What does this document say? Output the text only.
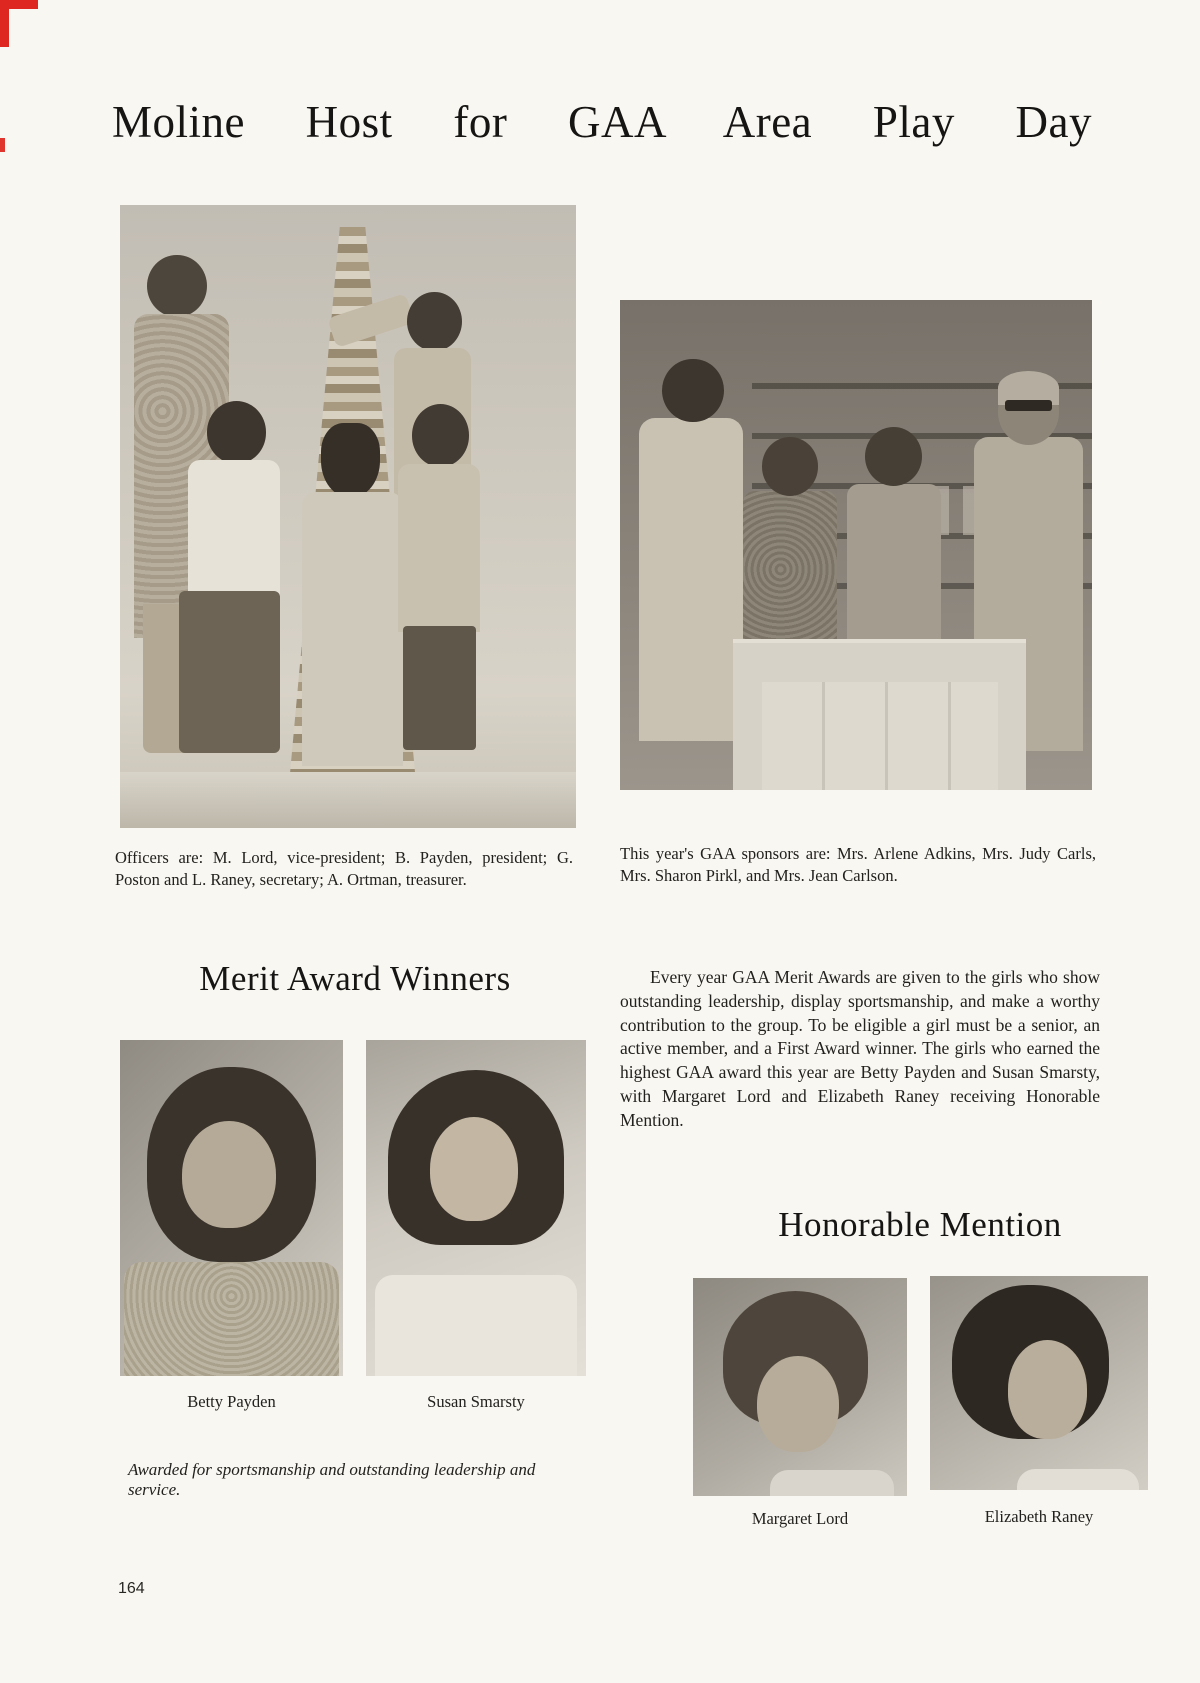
Moline Host for GAA Area Play Day
Officers are: M. Lord, vice-president; B. Payden, president; G. Poston and L. Raney, secretary; A. Ortman, treasurer.
This year's GAA sponsors are: Mrs. Arlene Adkins, Mrs. Judy Carls, Mrs. Sharon Pirkl, and Mrs. Jean Carlson.
Merit Award Winners	Every year GAA Merit Awards are given to the girls who show outstanding leadership, display sportsmanship, and make a worthy contribution to the group. To be eligible a girl must be a senior, an active member, and a First Award winner. The girls who earned the highest GAA award this year are Betty Payden and Susan Smarsty, with Margaret Lord and Elizabeth Raney receiving Honorable Mention.
Betty Payden	Susan Smarsty
Awarded for sportsmanship and outstanding leadership and service.
Honorable Mention
Margaret Lord	Elizabeth Raney
164
